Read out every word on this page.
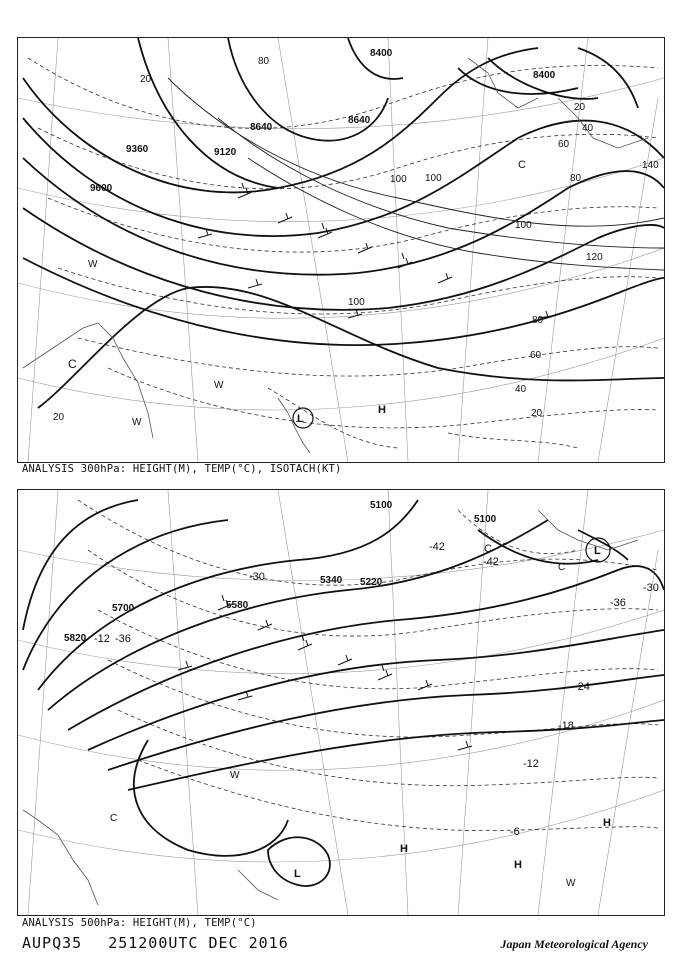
8400
8400
8640
8640
9120
9360
9600
20
40
60
80
100
120
140
20
80
100
100
80
60
40
20
20
100
C
W
W
C
W
H
L
ANALYSIS 300hPa: HEIGHT(M), TEMP(°C), ISOTACH(KT)
5100
5100
5220
5340
5580
5700
5820
-42
-42
-36
-36
-30
-24
-18
-12
-6
-12
-30
C	L
C
C
W
L
H
H
H
W
ANALYSIS 500hPa: HEIGHT(M), TEMP(°C)
AUPQ35 251200UTC DEC 2016	Japan Meteorological Agency
